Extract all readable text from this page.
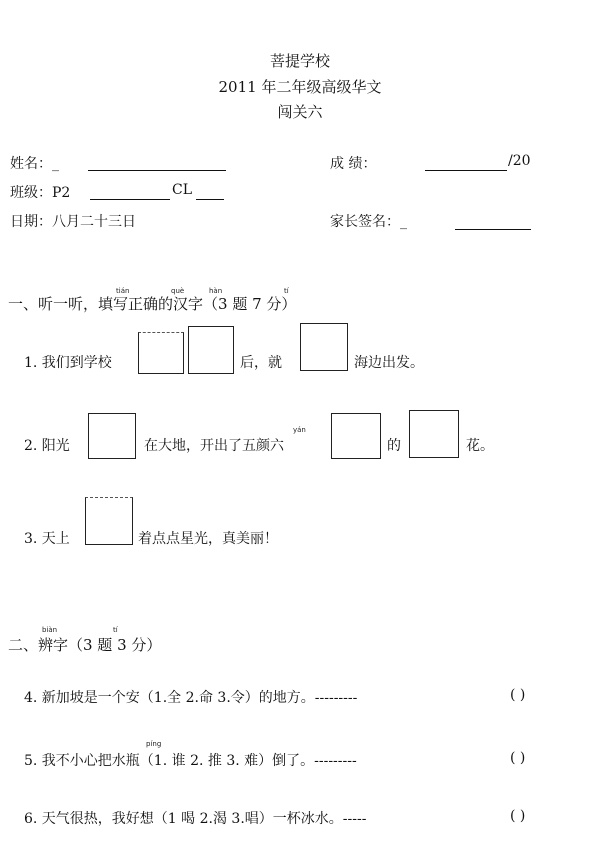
菩提学校
2011 年二年级高级华文
闯关六
姓名：_	成 绩：	/20
班级：P2	CL
日期：八月二十三日	家长签名：_
tián	què	hàn	tí
一、听一听，填写正确的汉字（3 题 7 分）
1. 我们到学校	后，就	海边出发。
2. 阳光	在大地，开出了五颜六
yán
的	花。
3. 天上	着点点星光，真美丽！
biàn	tí
二、辨字（3 题 3 分）
4. 新加坡是一个安（1.全 2.命 3.令）的地方。---------	( )
píng
5. 我不小心把水瓶（1. 谁 2. 推 3. 难）倒了。---------	( )
6. 天气很热，我好想（1 喝 2.渴 3.唱）一杯冰水。-----	( )
